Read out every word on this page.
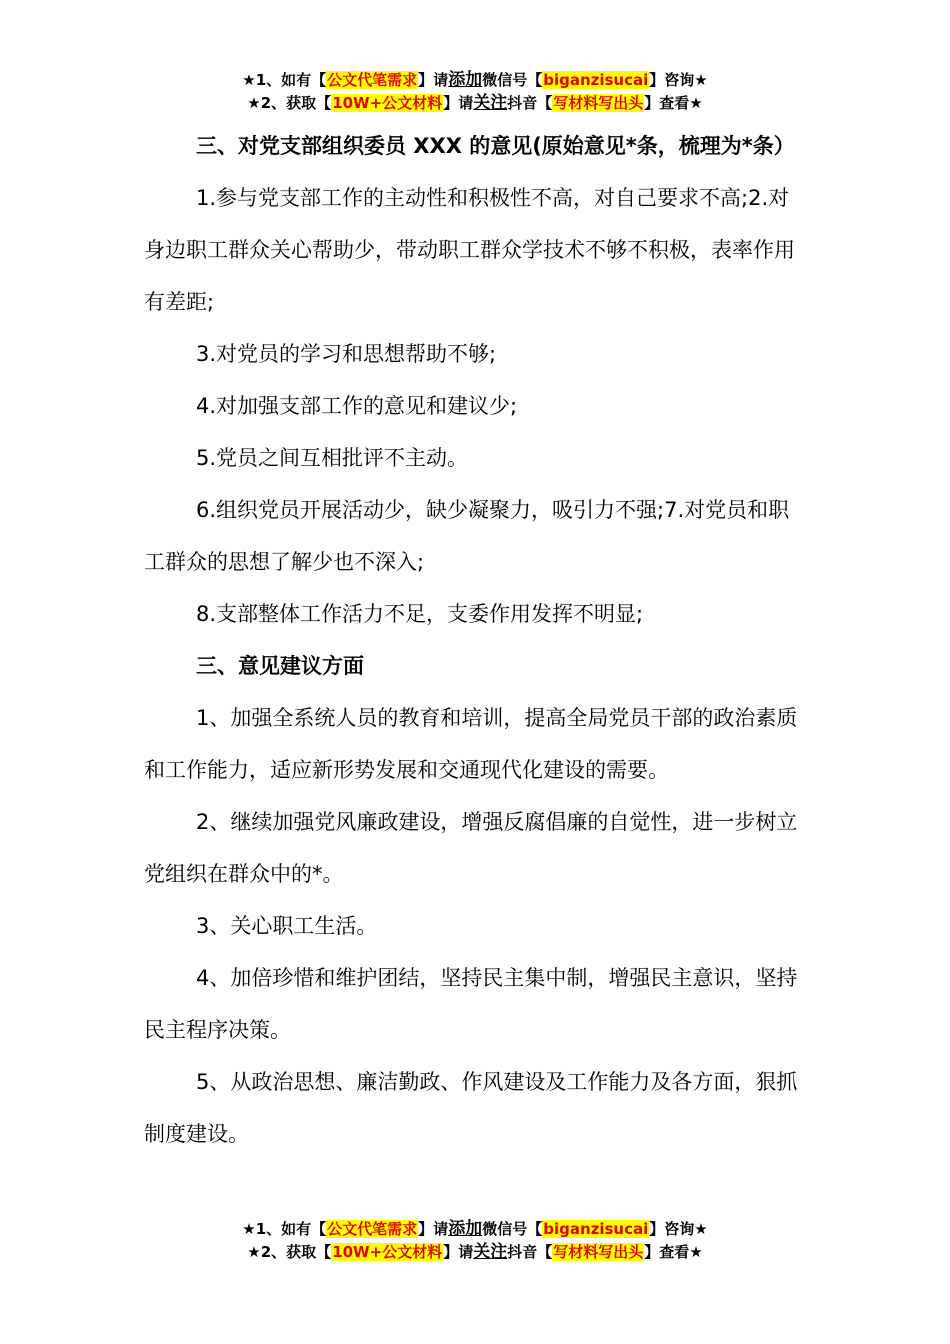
★1、如有【公文代笔需求】请添加微信号【biganzisucai】咨询★
★2、获取【10W+公文材料】请关注抖音【写材料写出头】查看★

三、对党支部组织委员 XXX 的意见(原始意见*条，梳理为*条）

1.参与党支部工作的主动性和积极性不高，对自己要求不高;2.对身边职工群众关心帮助少，带动职工群众学技术不够不积极，表率作用有差距;

3.对党员的学习和思想帮助不够;

4.对加强支部工作的意见和建议少;

5.党员之间互相批评不主动。

6.组织党员开展活动少，缺少凝聚力，吸引力不强;7.对党员和职工群众的思想了解少也不深入;

8.支部整体工作活力不足，支委作用发挥不明显;

三、意见建议方面

1、加强全系统人员的教育和培训，提高全局党员干部的政治素质和工作能力，适应新形势发展和交通现代化建设的需要。

2、继续加强党风廉政建设，增强反腐倡廉的自觉性，进一步树立党组织在群众中的*。

3、关心职工生活。

4、加倍珍惜和维护团结，坚持民主集中制，增强民主意识，坚持民主程序决策。

5、从政治思想、廉洁勤政、作风建设及工作能力及各方面，狠抓制度建设。

★1、如有【公文代笔需求】请添加微信号【biganzisucai】咨询★
★2、获取【10W+公文材料】请关注抖音【写材料写出头】查看★
